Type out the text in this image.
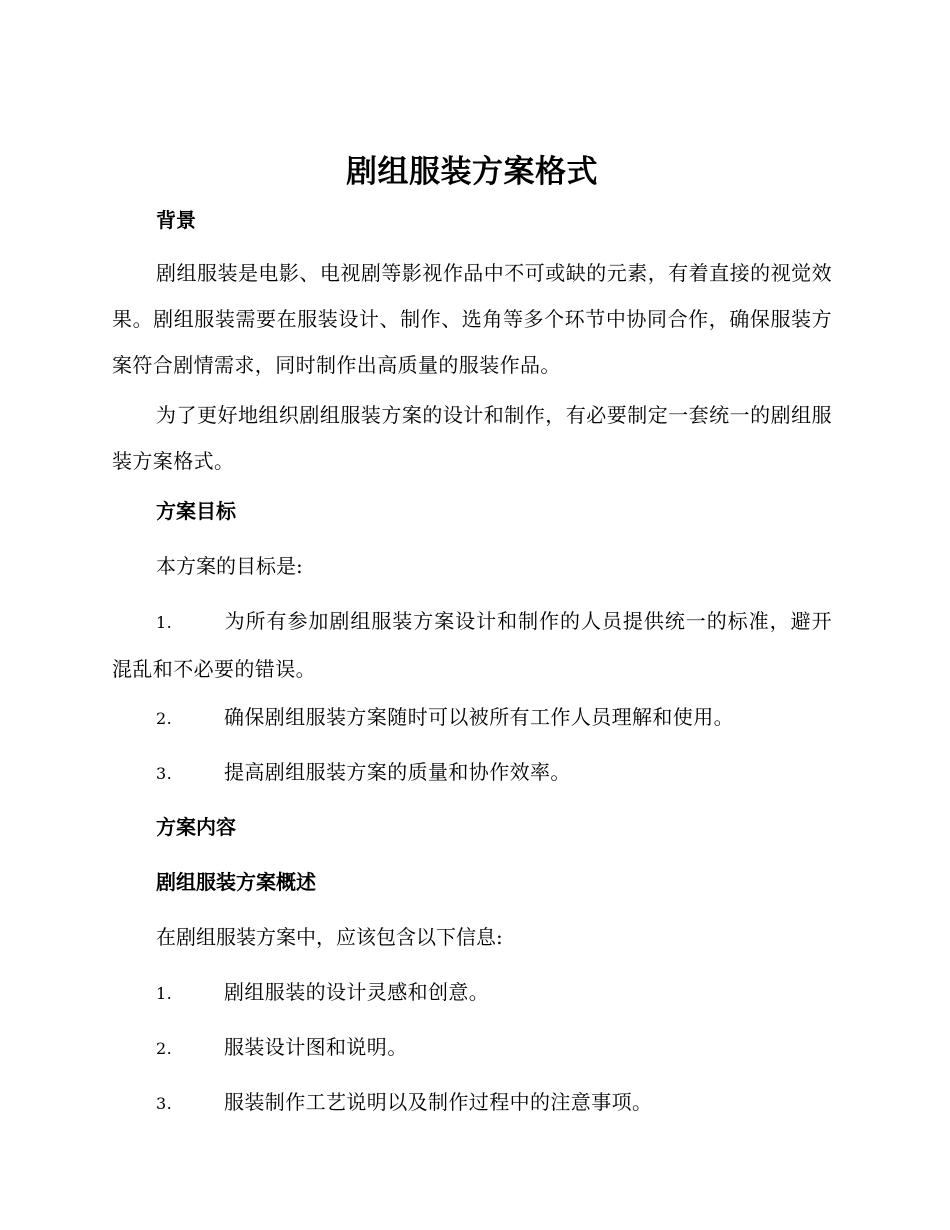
剧组服装方案格式
背景

剧组服装是电影、电视剧等影视作品中不可或缺的元素，有着直接的视觉效果。剧组服装需要在服装设计、制作、选角等多个环节中协同合作，确保服装方案符合剧情需求，同时制作出高质量的服装作品。

为了更好地组织剧组服装方案的设计和制作，有必要制定一套统一的剧组服装方案格式。

方案目标

本方案的目标是:

1.	为所有参加剧组服装方案设计和制作的人员提供统一的标准，避开混乱和不必要的错误。

2.	确保剧组服装方案随时可以被所有工作人员理解和使用。

3.	提高剧组服装方案的质量和协作效率。

方案内容
剧组服装方案概述

在剧组服装方案中，应该包含以下信息:

1.	剧组服装的设计灵感和创意。

2.	服装设计图和说明。

3.	服装制作工艺说明以及制作过程中的注意事项。
